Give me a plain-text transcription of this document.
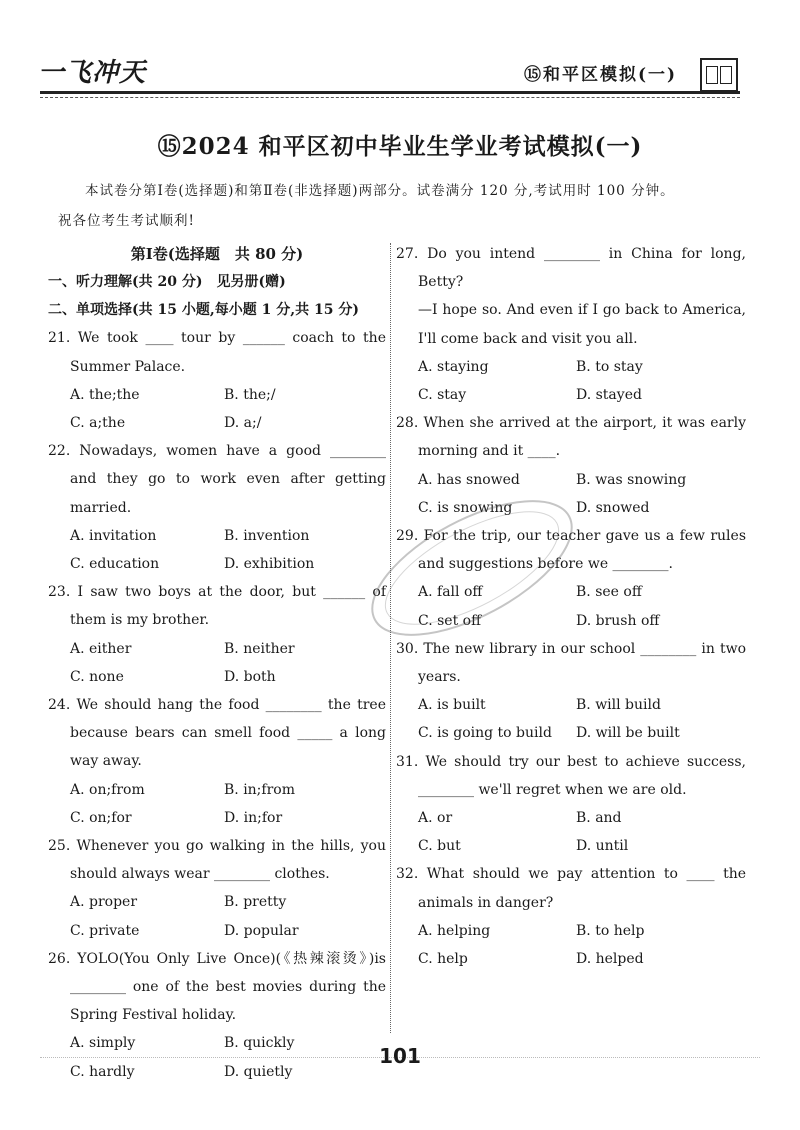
一飞冲天	⑮和平区模拟(一)
⑮2024 和平区初中毕业生学业考试模拟(一)

本试卷分第Ⅰ卷(选择题)和第Ⅱ卷(非选择题)两部分。试卷满分 120 分,考试用时 100 分钟。

祝各位考生考试顺利!

第Ⅰ卷(选择题　共 80 分)
一、听力理解(共 20 分)　见另册(赠)
二、单项选择(共 15 小题,每小题 1 分,共 15 分)
21. We took ____ tour by ______ coach to the Summer Palace.
A. the;the	B. the;/
C. a;the	D. a;/
22. Nowadays, women have a good ________ and they go to work even after getting married.
A. invitation	B. invention
C. education	D. exhibition
23. I saw two boys at the door, but ______ of them is my brother.
A. either	B. neither
C. none	D. both
24. We should hang the food ________ the tree because bears can smell food _____ a long way away.
A. on;from	B. in;from
C. on;for	D. in;for
25. Whenever you go walking in the hills, you should always wear ________ clothes.
A. proper	B. pretty
C. private	D. popular
26. YOLO(You Only Live Once)(《热辣滚烫》)is ________ one of the best movies during the Spring Festival holiday.
A. simply	B. quickly
C. hardly	D. quietly
27. Do you intend ________ in China for long, Betty?
—I hope so. And even if I go back to America, I'll come back and visit you all.
A. staying	B. to stay
C. stay	D. stayed
28. When she arrived at the airport, it was early morning and it ____.
A. has snowed	B. was snowing
C. is snowing	D. snowed
29. For the trip, our teacher gave us a few rules and suggestions before we ________.
A. fall off	B. see off
C. set off	D. brush off
30. The new library in our school ________ in two years.
A. is built	B. will build
C. is going to build	D. will be built
31. We should try our best to achieve success, ________ we'll regret when we are old.
A. or	B. and
C. but	D. until
32. What should we pay attention to ____ the animals in danger?
A. helping	B. to help
C. help	D. helped
101
